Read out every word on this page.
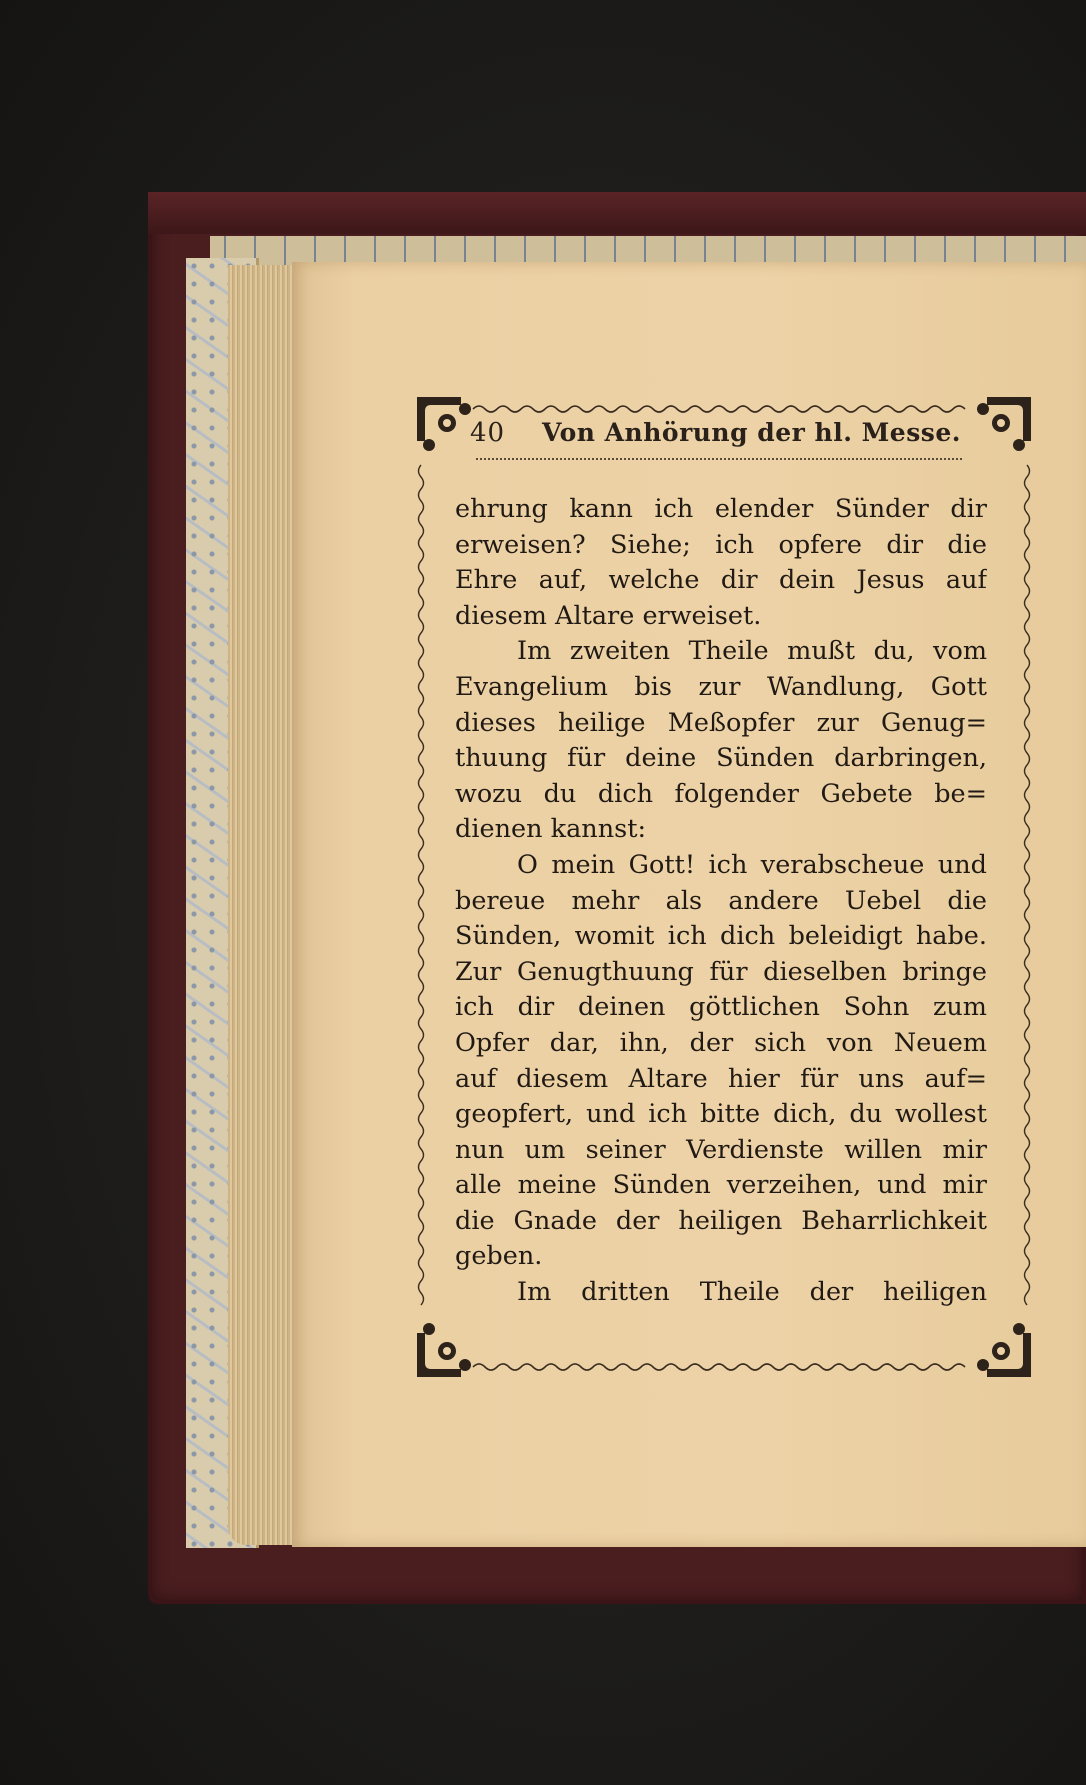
40 Von Anhörung der hl. Messe.
ehrung kann ich elender Sünder dir
erweisen? Siehe; ich opfere dir die
Ehre auf, welche dir dein Jesus auf
diesem Altare erweiset.
Im zweiten Theile mußt du, vom
Evangelium bis zur Wandlung, Gott
dieses heilige Meßopfer zur Genug=
thuung für deine Sünden darbringen,
wozu du dich folgender Gebete be=
dienen kannst:
O mein Gott! ich verabscheue und
bereue mehr als andere Uebel die
Sünden, womit ich dich beleidigt habe.
Zur Genugthuung für dieselben bringe
ich dir deinen göttlichen Sohn zum
Opfer dar, ihn, der sich von Neuem
auf diesem Altare hier für uns auf=
geopfert, und ich bitte dich, du wollest
nun um seiner Verdienste willen mir
alle meine Sünden verzeihen, und mir
die Gnade der heiligen Beharrlichkeit
geben.
Im dritten Theile der heiligen
